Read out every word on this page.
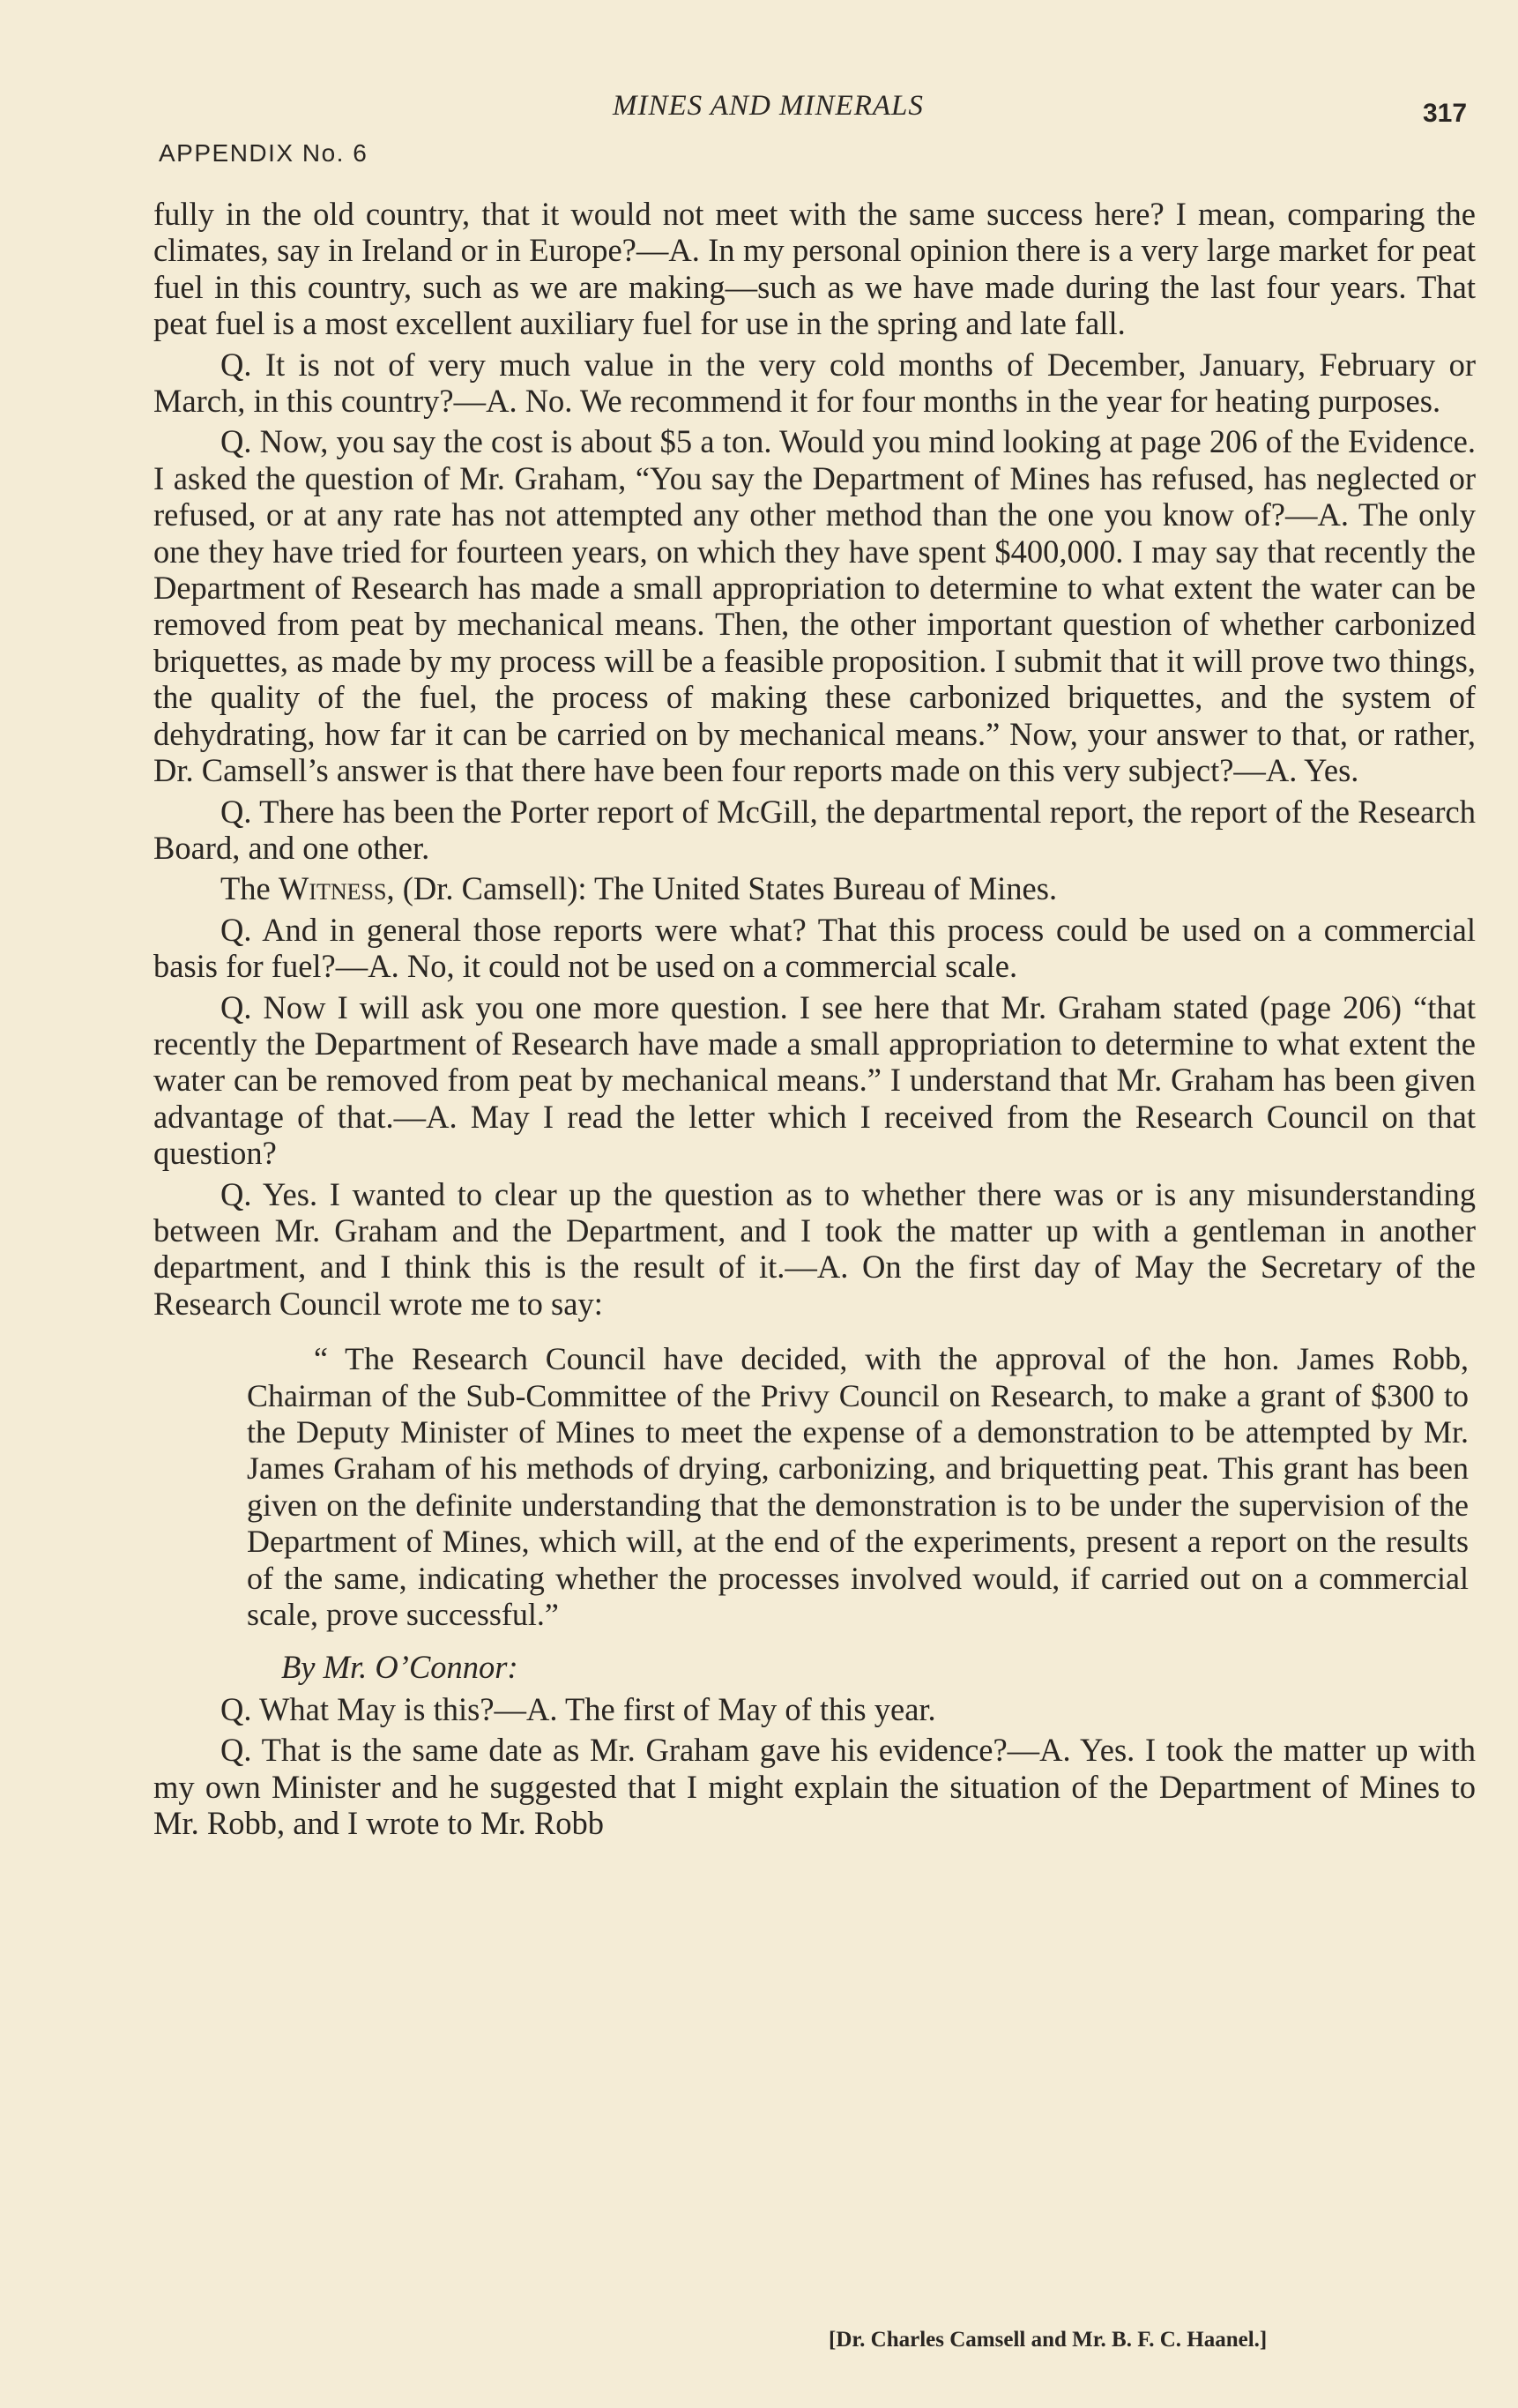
MINES AND MINERALS	317
APPENDIX No. 6

fully in the old country, that it would not meet with the same success here? I mean, comparing the climates, say in Ireland or in Europe?—A. In my personal opinion there is a very large market for peat fuel in this country, such as we are making—such as we have made during the last four years. That peat fuel is a most excellent auxiliary fuel for use in the spring and late fall.

Q. It is not of very much value in the very cold months of December, January, February or March, in this country?—A. No. We recommend it for four months in the year for heating purposes.

Q. Now, you say the cost is about $5 a ton. Would you mind looking at page 206 of the Evidence. I asked the question of Mr. Graham, “You say the Department of Mines has refused, has neglected or refused, or at any rate has not attempted any other method than the one you know of?—A. The only one they have tried for fourteen years, on which they have spent $400,000. I may say that recently the Department of Research has made a small appropriation to determine to what extent the water can be removed from peat by mechanical means. Then, the other important question of whether carbonized briquettes, as made by my process will be a feasible proposition. I submit that it will prove two things, the quality of the fuel, the process of making these carbonized briquettes, and the system of dehydrating, how far it can be carried on by mechanical means.” Now, your answer to that, or rather, Dr. Camsell’s answer is that there have been four reports made on this very subject?—A. Yes.

Q. There has been the Porter report of McGill, the departmental report, the report of the Research Board, and one other.

The Witness, (Dr. Camsell): The United States Bureau of Mines.

Q. And in general those reports were what? That this process could be used on a commercial basis for fuel?—A. No, it could not be used on a commercial scale.

Q. Now I will ask you one more question. I see here that Mr. Graham stated (page 206) “that recently the Department of Research have made a small appropriation to determine to what extent the water can be removed from peat by mechanical means.” I understand that Mr. Graham has been given advantage of that.—A. May I read the letter which I received from the Research Council on that question?

Q. Yes. I wanted to clear up the question as to whether there was or is any misunderstanding between Mr. Graham and the Department, and I took the matter up with a gentleman in another department, and I think this is the result of it.—A. On the first day of May the Secretary of the Research Council wrote me to say:

“ The Research Council have decided, with the approval of the hon. James Robb, Chairman of the Sub-Committee of the Privy Council on Research, to make a grant of $300 to the Deputy Minister of Mines to meet the expense of a demonstration to be attempted by Mr. James Graham of his methods of drying, carbonizing, and briquetting peat. This grant has been given on the definite understanding that the demonstration is to be under the supervision of the Department of Mines, which will, at the end of the experiments, present a report on the results of the same, indicating whether the processes involved would, if carried out on a commercial scale, prove successful.”

By Mr. O’Connor:

Q. What May is this?—A. The first of May of this year.

Q. That is the same date as Mr. Graham gave his evidence?—A. Yes. I took the matter up with my own Minister and he suggested that I might explain the situation of the Department of Mines to Mr. Robb, and I wrote to Mr. Robb

[Dr. Charles Camsell and Mr. B. F. C. Haanel.]
